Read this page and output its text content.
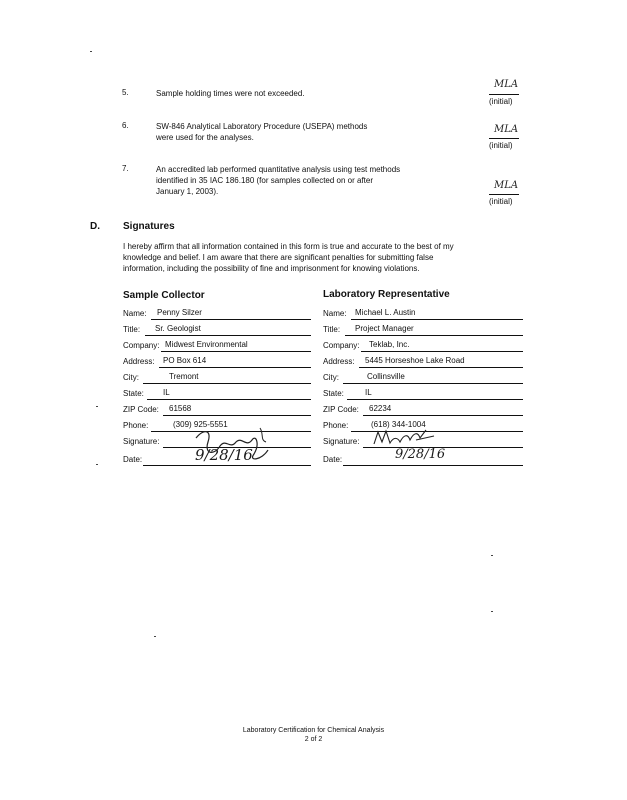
5.	Sample holding times were not exceeded.
MLA
(initial)
6.	SW-846 Analytical Laboratory Procedure (USEPA) methods
were used for the analyses.
MLA
(initial)
7.	An accredited lab performed quantitative analysis using test methods
identified in 35 IAC 186.180 (for samples collected on or after
January 1, 2003).
MLA
(initial)
D. Signatures
I hereby affirm that all information contained in this form is true and accurate to the best of my
knowledge and belief. I am aware that there are significant penalties for submitting false
information, including the possibility of fine and imprisonment for knowing violations.
Sample Collector	Laboratory Representative
Name: Penny Silzer
Title: Sr. Geologist
Company: Midwest Environmental
Address: PO Box 614
City:	Tremont
State: IL
ZIP Code: 61568
Phone:	(309) 925-5551
Signature:
Date:	9/28/16
Name: Michael L. Austin
Title: Project Manager
Company: Teklab, Inc.
Address: 5445 Horseshoe Lake Road
City:	Collinsville
State:	IL
ZIP Code: 62234
Phone:	(618) 344-1004
Signature:
Date:	9/28/16
Laboratory Certification for Chemical Analysis
2 of 2
